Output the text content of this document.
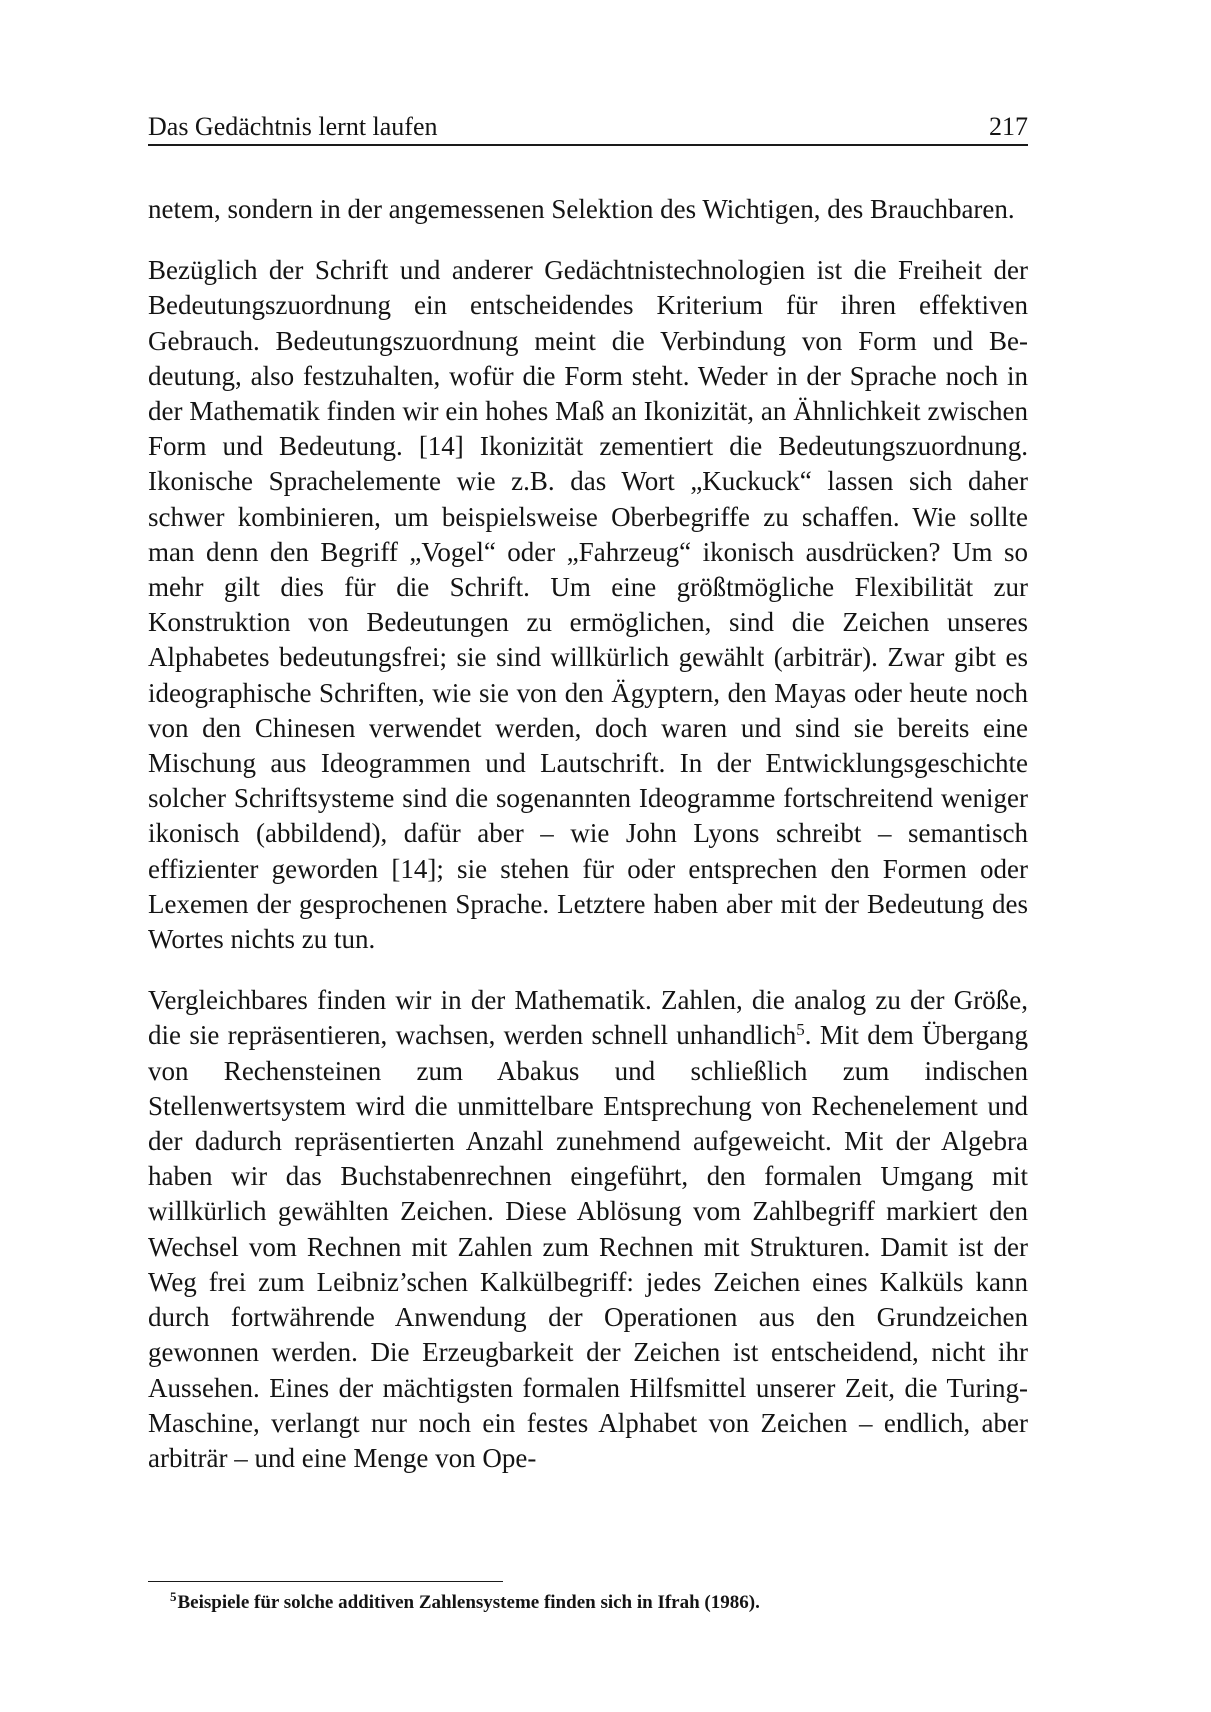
Das Gedächtnis lernt laufen	217

netem, sondern in der angemessenen Selektion des Wichtigen, des Brauchbaren.

Bezüglich der Schrift und anderer Gedächtnistechnologien ist die Freiheit der Bedeutungszuordnung ein entscheidendes Kriterium für ihren effektiven Gebrauch. Bedeutungszuordnung meint die Verbindung von Form und Bedeutung, also festzuhalten, wofür die Form steht. Weder in der Sprache noch in der Mathematik finden wir ein hohes Maß an Ikonizität, an Ähnlichkeit zwischen Form und Bedeutung. [14] Ikonizität zementiert die Bedeutungszuordnung. Ikonische Sprachelemente wie z.B. das Wort „Kuckuck“ lassen sich daher schwer kombinieren, um beispielsweise Oberbegriffe zu schaffen. Wie sollte man denn den Begriff „Vogel“ oder „Fahrzeug“ ikonisch ausdrücken? Um so mehr gilt dies für die Schrift. Um eine größtmögliche Flexibilität zur Konstruktion von Bedeutungen zu ermöglichen, sind die Zeichen unseres Alphabetes bedeutungsfrei; sie sind willkürlich gewählt (arbiträr). Zwar gibt es ideographische Schriften, wie sie von den Ägyptern, den Mayas oder heute noch von den Chinesen verwendet werden, doch waren und sind sie bereits eine Mischung aus Ideogrammen und Lautschrift. In der Entwicklungsgeschichte solcher Schriftsysteme sind die sogenannten Ideogramme fortschreitend weniger ikonisch (abbildend), dafür aber – wie John Lyons schreibt – semantisch effizienter geworden [14]; sie stehen für oder entsprechen den Formen oder Lexemen der gesprochenen Sprache. Letztere haben aber mit der Bedeutung des Wortes nichts zu tun.

Vergleichbares finden wir in der Mathematik. Zahlen, die analog zu der Größe, die sie repräsentieren, wachsen, werden schnell unhandlich$^5$. Mit dem Übergang von Rechensteinen zum Abakus und schließlich zum indischen Stellenwertsystem wird die unmittelbare Entsprechung von Rechenelement und der dadurch repräsentierten Anzahl zunehmend aufgeweicht. Mit der Algebra haben wir das Buchstabenrechnen eingeführt, den formalen Umgang mit willkürlich gewählten Zeichen. Diese Ablösung vom Zahlbegriff markiert den Wechsel vom Rechnen mit Zahlen zum Rechnen mit Strukturen. Damit ist der Weg frei zum Leibniz’schen Kalkülbegriff: jedes Zeichen eines Kalküls kann durch fortwährende Anwendung der Operationen aus den Grundzeichen gewonnen werden. Die Erzeugbarkeit der Zeichen ist entscheidend, nicht ihr Aussehen. Eines der mächtigsten formalen Hilfsmittel unserer Zeit, die Turing-Maschine, verlangt nur noch ein festes Alphabet von Zeichen – endlich, aber arbiträr – und eine Menge von Ope-

$^5$Beispiele für solche additiven Zahlensysteme finden sich in Ifrah (1986).
